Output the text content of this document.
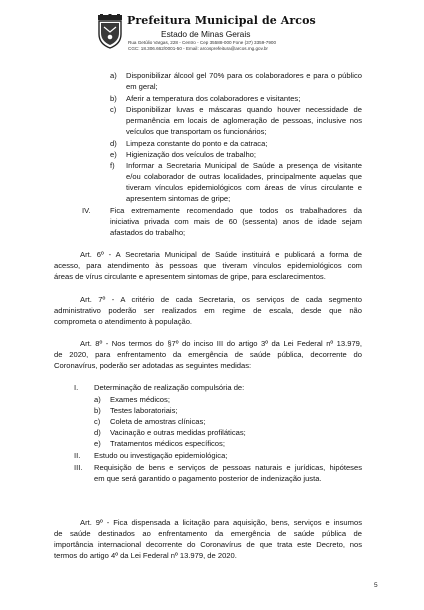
Prefeitura Municipal de Arcos
Estado de Minas Gerais
Rua Getúlio Vargas, 228 - Centro - Cep 35588-000 Fone (37) 3359-7900
CGC: 18.306.662/0001-50 - Email: arcosprefeitura@arcos.mg.gov.br
a) Disponibilizar álcool gel 70% para os colaboradores e para o público
em geral;
b) Aferir a temperatura dos colaboradores e visitantes;
c) Disponibilizar luvas e máscaras quando houver necessidade de
permanência em locais de aglomeração de pessoas, inclusive nos
veículos que transportam os funcionários;
d) Limpeza constante do ponto e da catraca;
e) Higienização dos veículos de trabalho;
f) Informar a Secretaria Municipal de Saúde a presença de visitante
e/ou colaborador de outras localidades, principalmente aquelas que
tiveram vínculos epidemiológicos com áreas de vírus circulante e
apresentem sintomas de gripe;
IV.	Fica extremamente recomendado que todos os trabalhadores da
iniciativa privada com mais de 60 (sessenta) anos de idade sejam
afastados do trabalho;
Art. 6º - A Secretaria Municipal de Saúde instituirá e publicará a forma de
acesso, para atendimento às pessoas que tiveram vínculos epidemiológicos com
áreas de vírus circulante e apresentem sintomas de gripe, para esclarecimentos.
Art. 7º - A critério de cada Secretaria, os serviços de cada segmento
administrativo poderão ser realizados em regime de escala, desde que não
comprometa o atendimento à população.
Art. 8º - Nos termos do §7º do inciso III do artigo 3º da Lei Federal nº 13.979,
de 2020, para enfrentamento da emergência de saúde pública, decorrente do
Coronavírus, poderão ser adotadas as seguintes medidas:
I. Determinação de realização compulsória de:
a) Exames médicos;
b) Testes laboratoriais;
c) Coleta de amostras clínicas;
d) Vacinação e outras medidas profiláticas;
e) Tratamentos médicos específicos;
II. Estudo ou investigação epidemiológica;
III. Requisição de bens e serviços de pessoas naturais e jurídicas, hipóteses
em que será garantido o pagamento posterior de indenização justa.
Art. 9º - Fica dispensada a licitação para aquisição, bens, serviços e insumos
de saúde destinados ao enfrentamento da emergência de saúde pública de
importância internacional decorrente do Coronavírus de que trata este Decreto, nos
termos do artigo 4º da Lei Federal nº 13.979, de 2020.
5
